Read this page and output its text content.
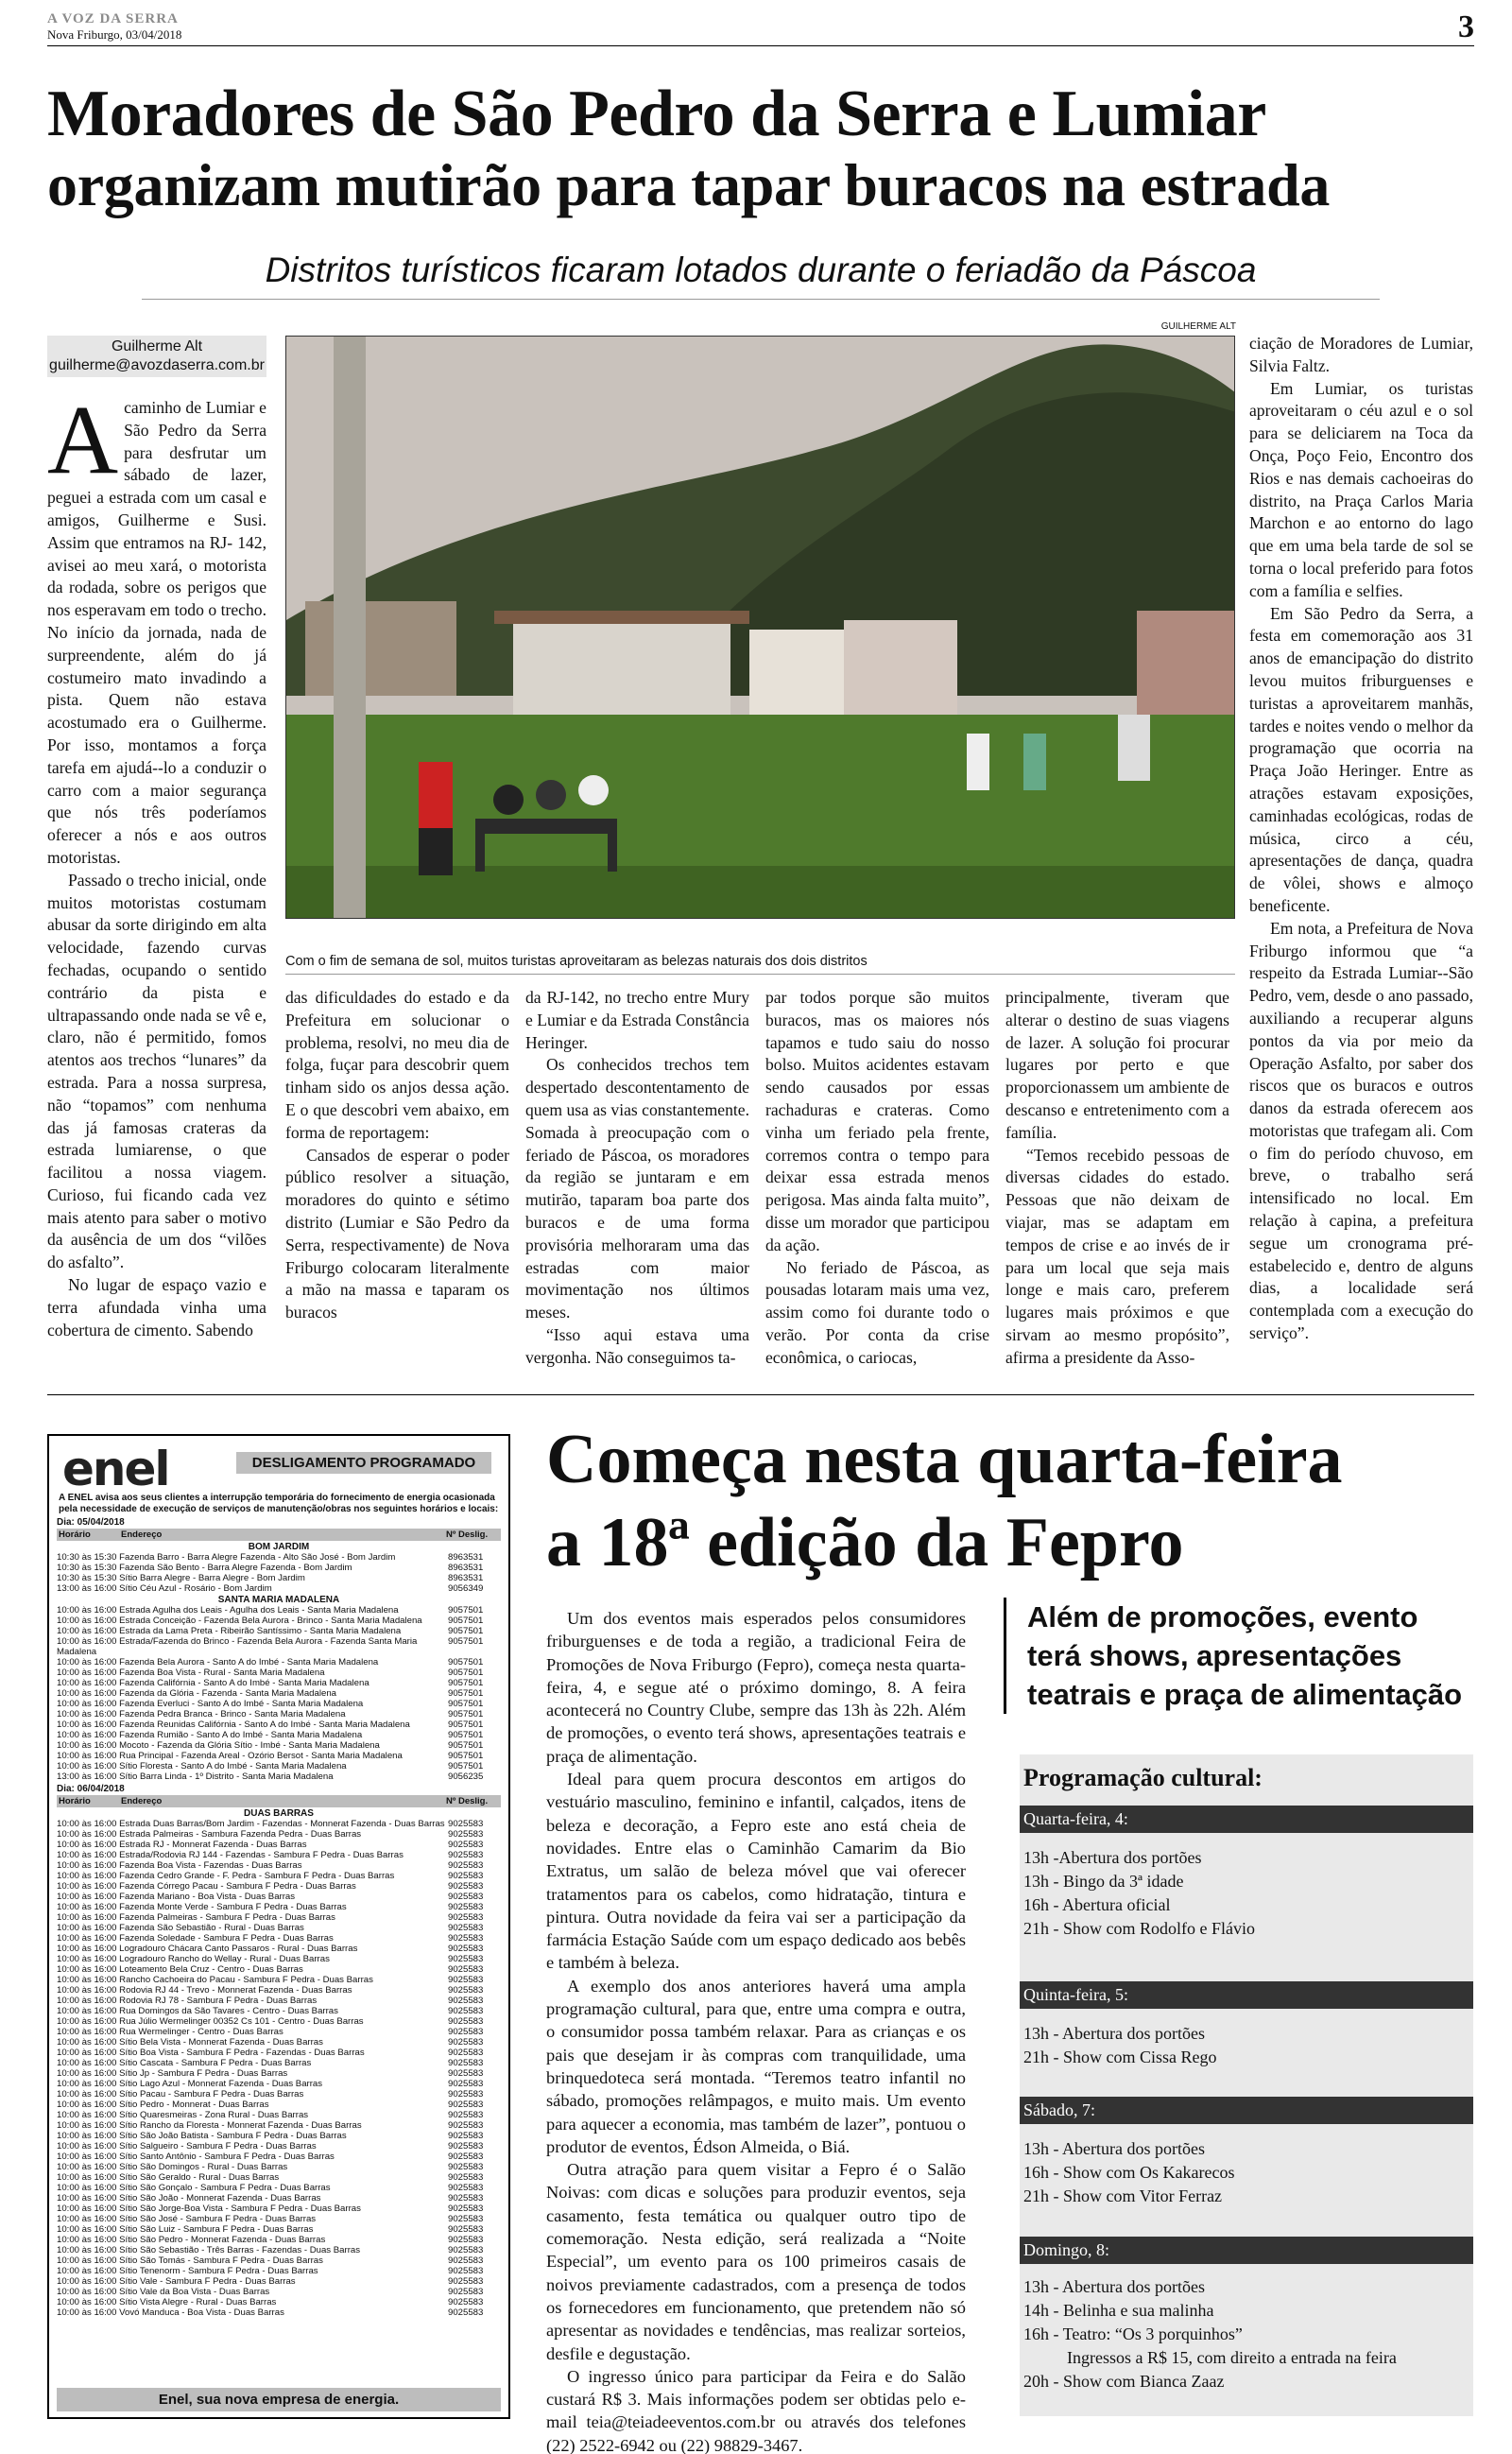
A VOZ DA SERRA
Nova Friburgo, 03/04/2018	3
Moradores de São Pedro da Serra e Lumiar
organizam mutirão para tapar buracos na estrada
Distritos turísticos ficaram lotados durante o feriadão da Páscoa
Guilherme Alt
guilherme@avozdaserra.com.br

Acaminho de Lumiar e São Pedro da Serra para desfrutar um sábado de lazer, peguei a estrada com um casal e amigos, Guilherme e Susi. Assim que entramos na RJ- 142, avisei ao meu xará, o motorista da rodada, sobre os perigos que nos esperavam em todo o trecho. No início da jornada, nada de surpreendente, além do já costumeiro mato invadindo a pista. Quem não estava acostumado era o Guilherme. Por isso, montamos a força tarefa em ajudá--lo a conduzir o carro com a maior segurança que nós três poderíamos oferecer a nós e aos outros motoristas.

Passado o trecho inicial, onde muitos motoristas costumam abusar da sorte dirigindo em alta velocidade, fazendo curvas fechadas, ocupando o sentido contrário da pista e ultrapassando onde nada se vê e, claro, não é permitido, fomos atentos aos trechos “lunares” da estrada. Para a nossa surpresa, não “topamos” com nenhuma das já famosas crateras da estrada lumiarense, o que facilitou a nossa viagem. Curioso, fui ficando cada vez mais atento para saber o motivo da ausência de um dos “vilões do asfalto”.

No lugar de espaço vazio e terra afundada vinha uma cobertura de cimento. Sabendo

GUILHERME ALT
Com o fim de semana de sol, muitos turistas aproveitaram as belezas naturais dos dois distritos

das dificuldades do estado e da Prefeitura em solucionar o problema, resolvi, no meu dia de folga, fuçar para descobrir quem tinham sido os anjos dessa ação. E o que descobri vem abaixo, em forma de reportagem:

Cansados de esperar o poder público resolver a situação, moradores do quinto e sétimo distrito (Lumiar e São Pedro da Serra, respectivamente) de Nova Friburgo colocaram literalmente a mão na massa e taparam os buracos

da RJ-142, no trecho entre Mury e Lumiar e da Estrada Constância Heringer.

Os conhecidos trechos tem despertado descontentamento de quem usa as vias constantemente. Somada à preocupação com o feriado de Páscoa, os moradores da região se juntaram e em mutirão, taparam boa parte dos buracos e de uma forma provisória melhoraram uma das estradas com maior movimentação nos últimos meses.

“Isso aqui estava uma vergonha. Não conseguimos ta-

par todos porque são muitos buracos, mas os maiores nós tapamos e tudo saiu do nosso bolso. Muitos acidentes estavam sendo causados por essas rachaduras e crateras. Como vinha um feriado pela frente, corremos contra o tempo para deixar essa estrada menos perigosa. Mas ainda falta muito”, disse um morador que participou da ação.

No feriado de Páscoa, as pousadas lotaram mais uma vez, assim como foi durante todo o verão. Por conta da crise econômica, o cariocas,

principalmente, tiveram que alterar o destino de suas viagens de lazer. A solução foi procurar lugares por perto e que proporcionassem um ambiente de descanso e entretenimento com a família.

“Temos recebido pessoas de diversas cidades do estado. Pessoas que não deixam de viajar, mas se adaptam em tempos de crise e ao invés de ir para um local que seja mais longe e mais caro, preferem lugares mais próximos e que sirvam ao mesmo propósito”, afirma a presidente da Asso-

ciação de Moradores de Lumiar, Silvia Faltz.

Em Lumiar, os turistas aproveitaram o céu azul e o sol para se deliciarem na Toca da Onça, Poço Feio, Encontro dos Rios e nas demais cachoeiras do distrito, na Praça Carlos Maria Marchon e ao entorno do lago que em uma bela tarde de sol se torna o local preferido para fotos com a família e selfies.

Em São Pedro da Serra, a festa em comemoração aos 31 anos de emancipação do distrito levou muitos friburguenses e turistas a aproveitarem manhãs, tardes e noites vendo o melhor da programação que ocorria na Praça João Heringer. Entre as atrações estavam exposições, caminhadas ecológicas, rodas de música, circo a céu, apresentações de dança, quadra de vôlei, shows e almoço beneficente.

Em nota, a Prefeitura de Nova Friburgo informou que “a respeito da Estrada Lumiar--São Pedro, vem, desde o ano passado, auxiliando a recuperar alguns pontos da via por meio da Operação Asfalto, por saber dos riscos que os buracos e outros danos da estrada oferecem aos motoristas que trafegam ali. Com o fim do período chuvoso, em breve, o trabalho será intensificado no local. Em relação à capina, a prefeitura segue um cronograma pré-estabelecido e, dentro de alguns dias, a localidade será contemplada com a execução do serviço”.

enel	DESLIGAMENTO PROGRAMADO
A ENEL avisa aos seus clientes a interrupção temporária do fornecimento de energia ocasionada pela necessidade de execução de serviços de manutenção/obras nos seguintes horários e locais:
Dia: 05/04/2018
Horário	Endereço	Nº Deslig.
BOM JARDIM
10:30 às 15:30 Fazenda Barro - Barra Alegre Fazenda - Alto São José - Bom Jardim	8963531
10:30 às 15:30 Fazenda São Bento - Barra Alegre Fazenda - Bom Jardim	8963531
10:30 às 15:30 Sítio Barra Alegre - Barra Alegre - Bom Jardim	8963531
13:00 às 16:00 Sítio Céu Azul - Rosário - Bom Jardim	9056349
SANTA MARIA MADALENA
10:00 às 16:00 Estrada Agulha dos Leais - Agulha dos Leais - Santa Maria Madalena	9057501
10:00 às 16:00 Estrada Conceição - Fazenda Bela Aurora - Brinco - Santa Maria Madalena	9057501
10:00 às 16:00 Estrada da Lama Preta - Ribeirão Santíssimo - Santa Maria Madalena	9057501
10:00 às 16:00 Estrada/Fazenda do Brinco - Fazenda Bela Aurora - Fazenda Santa Maria Madalena
9057501
10:00 às 16:00 Fazenda Bela Aurora - Santo A do Imbé - Santa Maria Madalena	9057501
10:00 às 16:00 Fazenda Boa Vista - Rural - Santa Maria Madalena	9057501
10:00 às 16:00 Fazenda Califórnia - Santo A do Imbé - Santa Maria Madalena	9057501
10:00 às 16:00 Fazenda da Glória - Fazenda - Santa Maria Madalena	9057501
10:00 às 16:00 Fazenda Everluci - Santo A do Imbé - Santa Maria Madalena	9057501
10:00 às 16:00 Fazenda Pedra Branca - Brinco - Santa Maria Madalena	9057501
10:00 às 16:00 Fazenda Reunidas Califórnia - Santo A do Imbé - Santa Maria Madalena	9057501
10:00 às 16:00 Fazenda Rumião - Santo A do Imbé - Santa Maria Madalena	9057501
10:00 às 16:00 Mocoto - Fazenda da Glória Sítio - Imbé - Santa Maria Madalena	9057501
10:00 às 16:00 Rua Principal - Fazenda Areal - Ozório Bersot - Santa Maria Madalena	9057501
10:00 às 16:00 Sítio Floresta - Santo A do Imbé - Santa Maria Madalena	9057501
13:00 às 16:00 Sítio Barra Linda - 1º Distrito - Santa Maria Madalena	9056235
Dia: 06/04/2018
Horário	Endereço	Nº Deslig.
DUAS BARRAS
10:00 às 16:00 Estrada Duas Barras/Bom Jardim - Fazendas - Monnerat Fazenda - Duas Barras 9025583
10:00 às 16:00 Estrada Palmeiras - Sambura Fazenda Pedra - Duas Barras	9025583
10:00 às 16:00 Estrada RJ - Monnerat Fazenda - Duas Barras	9025583
10:00 às 16:00 Estrada/Rodovia RJ 144 - Fazendas - Sambura F Pedra - Duas Barras	9025583
10:00 às 16:00 Fazenda Boa Vista - Fazendas - Duas Barras	9025583
10:00 às 16:00 Fazenda Cedro Grande - F. Pedra - Sambura F Pedra - Duas Barras	9025583
10:00 às 16:00 Fazenda Córrego Pacau - Sambura F Pedra - Duas Barras	9025583
10:00 às 16:00 Fazenda Mariano - Boa Vista - Duas Barras	9025583
10:00 às 16:00 Fazenda Monte Verde - Sambura F Pedra - Duas Barras	9025583
10:00 às 16:00 Fazenda Palmeiras - Sambura F Pedra - Duas Barras	9025583
10:00 às 16:00 Fazenda São Sebastião - Rural - Duas Barras	9025583
10:00 às 16:00 Fazenda Soledade - Sambura F Pedra - Duas Barras	9025583
10:00 às 16:00 Logradouro Chácara Canto Passaros - Rural - Duas Barras	9025583
10:00 às 16:00 Logradouro Rancho do Wellay - Rural - Duas Barras	9025583
10:00 às 16:00 Loteamento Bela Cruz - Centro - Duas Barras	9025583
10:00 às 16:00 Rancho Cachoeira do Pacau - Sambura F Pedra - Duas Barras	9025583
10:00 às 16:00 Rodovia RJ 44 - Trevo - Monnerat Fazenda - Duas Barras	9025583
10:00 às 16:00 Rodovia RJ 78 - Sambura F Pedra - Duas Barras	9025583
10:00 às 16:00 Rua Domingos da São Tavares - Centro - Duas Barras	9025583
10:00 às 16:00 Rua Júlio Wermelinger 00352 Cs 101 - Centro - Duas Barras	9025583
10:00 às 16:00 Rua Wermelinger - Centro - Duas Barras	9025583
10:00 às 16:00 Sítio Bela Vista - Monnerat Fazenda - Duas Barras	9025583
10:00 às 16:00 Sítio Boa Vista - Sambura F Pedra - Fazendas - Duas Barras	9025583
10:00 às 16:00 Sítio Cascata - Sambura F Pedra - Duas Barras	9025583
10:00 às 16:00 Sítio Jp - Sambura F Pedra - Duas Barras	9025583
10:00 às 16:00 Sítio Lago Azul - Monnerat Fazenda - Duas Barras	9025583
10:00 às 16:00 Sítio Pacau - Sambura F Pedra - Duas Barras	9025583
10:00 às 16:00 Sítio Pedro - Monnerat - Duas Barras	9025583
10:00 às 16:00 Sítio Quaresmeiras - Zona Rural - Duas Barras	9025583
10:00 às 16:00 Sítio Rancho da Floresta - Monnerat Fazenda - Duas Barras	9025583
10:00 às 16:00 Sítio São João Batista - Sambura F Pedra - Duas Barras	9025583
10:00 às 16:00 Sítio Salgueiro - Sambura F Pedra - Duas Barras	9025583
10:00 às 16:00 Sítio Santo Antônio - Sambura F Pedra - Duas Barras	9025583
10:00 às 16:00 Sítio São Domingos - Rural - Duas Barras	9025583
10:00 às 16:00 Sítio São Geraldo - Rural - Duas Barras	9025583
10:00 às 16:00 Sítio São Gonçalo - Sambura F Pedra - Duas Barras	9025583
10:00 às 16:00 Sítio São João - Monnerat Fazenda - Duas Barras	9025583
10:00 às 16:00 Sítio São Jorge-Boa Vista - Sambura F Pedra - Duas Barras	9025583
10:00 às 16:00 Sítio São José - Sambura F Pedra - Duas Barras	9025583
10:00 às 16:00 Sítio São Luiz - Sambura F Pedra - Duas Barras	9025583
10:00 às 16:00 Sítio São Pedro - Monnerat Fazenda - Duas Barras	9025583
10:00 às 16:00 Sítio São Sebastião - Três Barras - Fazendas - Duas Barras	9025583
10:00 às 16:00 Sítio São Tomás - Sambura F Pedra - Duas Barras	9025583
10:00 às 16:00 Sítio Tenenorm - Sambura F Pedra - Duas Barras	9025583
10:00 às 16:00 Sítio Vale - Sambura F Pedra - Duas Barras	9025583
10:00 às 16:00 Sítio Vale da Boa Vista - Duas Barras	9025583
10:00 às 16:00 Sítio Vista Alegre - Rural - Duas Barras	9025583
10:00 às 16:00 Vovó Manduca - Boa Vista - Duas Barras	9025583
Enel, sua nova empresa de energia.
Começa nesta quarta-feira
a 18ª edição da Fepro

Um dos eventos mais esperados pelos consumidores friburguenses e de toda a região, a tradicional Feira de Promoções de Nova Friburgo (Fepro), começa nesta quarta-feira, 4, e segue até o próximo domingo, 8. A feira acontecerá no Country Clube, sempre das 13h às 22h. Além de promoções, o evento terá shows, apresentações teatrais e praça de alimentação.

Ideal para quem procura descontos em artigos do vestuário masculino, feminino e infantil, calçados, itens de beleza e decoração, a Fepro este ano está cheia de novidades. Entre elas o Caminhão Camarim da Bio Extratus, um salão de beleza móvel que vai oferecer tratamentos para os cabelos, como hidratação, tintura e pintura. Outra novidade da feira vai ser a participação da farmácia Estação Saúde com um espaço dedicado aos bebês e também à beleza.

A exemplo dos anos anteriores haverá uma ampla programação cultural, para que, entre uma compra e outra, o consumidor possa também relaxar. Para as crianças e os pais que desejam ir às compras com tranquilidade, uma brinquedoteca será montada. “Teremos teatro infantil no sábado, promoções relâmpagos, e muito mais. Um evento para aquecer a economia, mas também de lazer”, pontuou o produtor de eventos, Édson Almeida, o Biá.

Outra atração para quem visitar a Fepro é o Salão Noivas: com dicas e soluções para produzir eventos, seja casamento, festa temática ou qualquer outro tipo de comemoração. Nesta edição, será realizada a “Noite Especial”, um evento para os 100 primeiros casais de noivos previamente cadastrados, com a presença de todos os fornecedores em funcionamento, que pretendem não só apresentar as novidades e tendências, mas realizar sorteios, desfile e degustação.

O ingresso único para participar da Feira e do Salão custará R$ 3. Mais informações podem ser obtidas pelo e-mail teia@teiadeeventos.com.br ou através dos telefones (22) 2522-6942 ou (22) 98829-3467.

Além de promoções, evento terá shows, apresentações teatrais e praça de alimentação
Programação cultural:
Quarta-feira, 4:
13h -Abertura dos portões
13h - Bingo da 3ª idade
16h - Abertura oficial
21h - Show com Rodolfo e Flávio
Quinta-feira, 5:
13h - Abertura dos portões
21h - Show com Cissa Rego
Sábado, 7:
13h - Abertura dos portões
16h - Show com Os Kakarecos
21h - Show com Vitor Ferraz
Domingo, 8:
13h - Abertura dos portões
14h - Belinha e sua malinha
16h - Teatro: “Os 3 porquinhos”
Ingressos a R$ 15, com direito a entrada na feira
20h - Show com Bianca Zaaz
